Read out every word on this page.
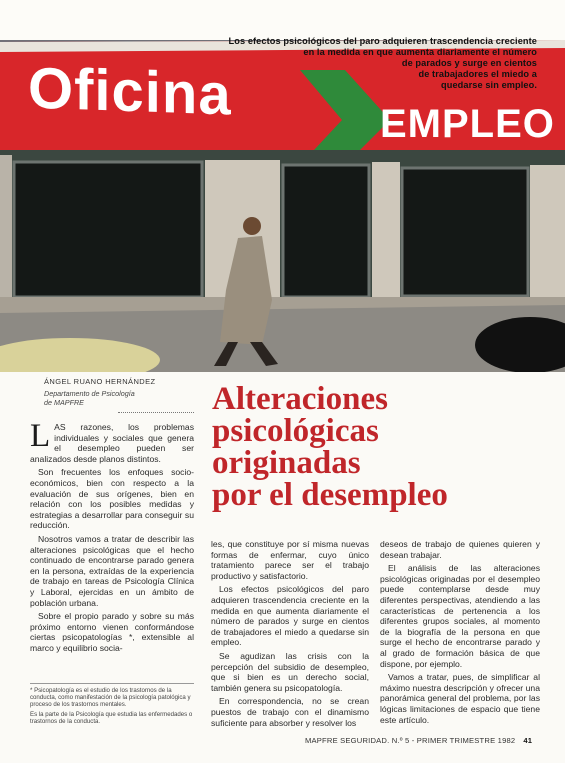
Oficina	EMPLEO
Los efectos psicológicos del paro adquieren trascendencia creciente
en la medida en que aumenta diariamente el número
de parados y surge en cientos
de trabajadores el miedo a
quedarse sin empleo.
ÁNGEL RUANO HERNÁNDEZ
Departamento de Psicología
de MAPFRE	Alteraciones
psicológicas
originadas
por el desempleo

LAS razones, los problemas individuales y sociales que genera el desempleo pueden ser analizados desde planos distintos.

Son frecuentes los enfoques socio-económicos, bien con respecto a la evaluación de sus orígenes, bien en relación con los posibles medidas y estrategias a desarrollar para conseguir su reducción.

Nosotros vamos a tratar de describir las alteraciones psicológicas que el hecho continuado de encontrarse parado genera en la persona, extraídas de la experiencia de trabajo en tareas de Psicología Clínica y Laboral, ejercidas en un ámbito de población urbana.

Sobre el propio parado y sobre su más próximo entorno vienen conformándose ciertas psicopatologías *, extensible al marco y equilibrio socia-

les, que constituye por sí misma nuevas formas de enfermar, cuyo único tratamiento parece ser el trabajo productivo y satisfactorio.

Los efectos psicológicos del paro adquieren trascendencia creciente en la medida en que aumenta diariamente el número de parados y surge en cientos de trabajadores el miedo a quedarse sin empleo.

Se agudizan las crisis con la percepción del subsidio de desempleo, que si bien es un derecho social, también genera su psicopatología.

En correspondencia, no se crean puestos de trabajo con el dinamismo suficiente para absorber y resolver los

deseos de trabajo de quienes quieren y desean trabajar.

El análisis de las alteraciones psicológicas originadas por el desempleo puede contemplarse desde muy diferentes perspectivas, atendiendo a las características de pertenencia a los diferentes grupos sociales, al momento de la biografía de la persona en que surge el hecho de encontrarse parado y al grado de formación básica de que dispone, por ejemplo.

Vamos a tratar, pues, de simplificar al máximo nuestra descripción y ofrecer una panorámica general del problema, por las lógicas limitaciones de espacio que tiene este artículo.

* Psicopatología es el estudio de los trastornos de la conducta, como manifestación de la psicología patológica y proceso de los trastornos mentales.

Es la parte de la Psicología que estudia las enfermedades o trastornos de la conducta.

MAPFRE SEGURIDAD. N.º 5 - PRIMER TRIMESTRE 1982 41
